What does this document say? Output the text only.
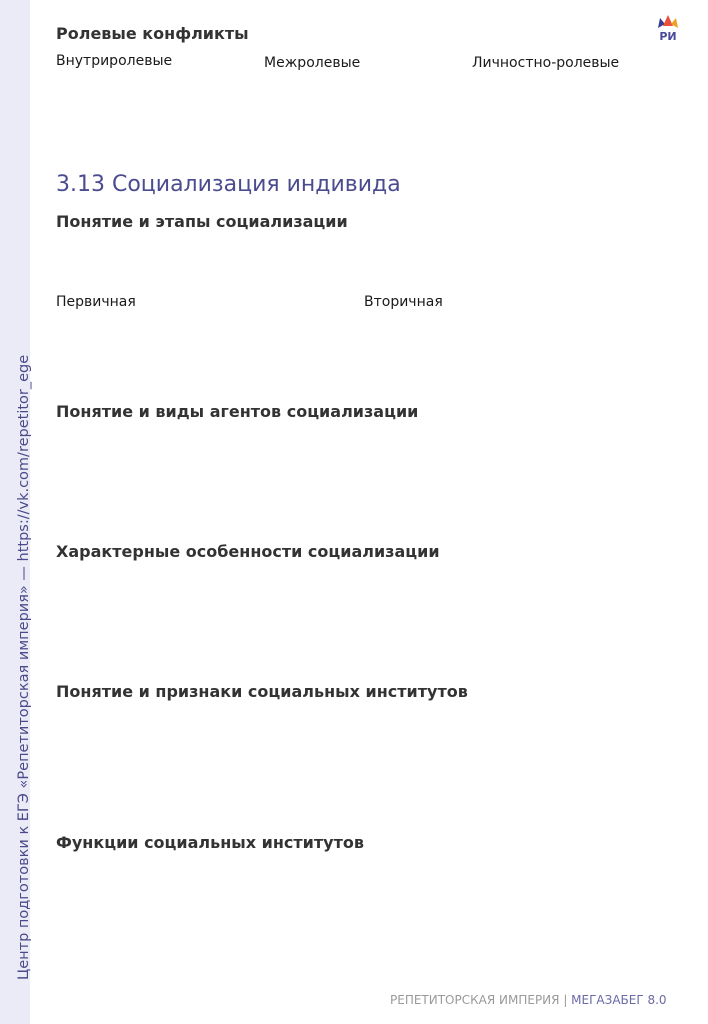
Центр подготовки к ЕГЭ «Репетиторская империя» — https://vk.com/repetitor_ege
РИ
Ролевые конфликты
Внутриролевые	Межролевые	Личностно-ролевые
3.13 Социализация индивида
Понятие и этапы социализации
Первичная	Вторичная
Понятие и виды агентов социализации
Характерные особенности социализации
Понятие и признаки социальных институтов
Функции социальных институтов
РЕПЕТИТОРСКАЯ ИМПЕРИЯ | МЕГАЗАБЕГ 8.0
